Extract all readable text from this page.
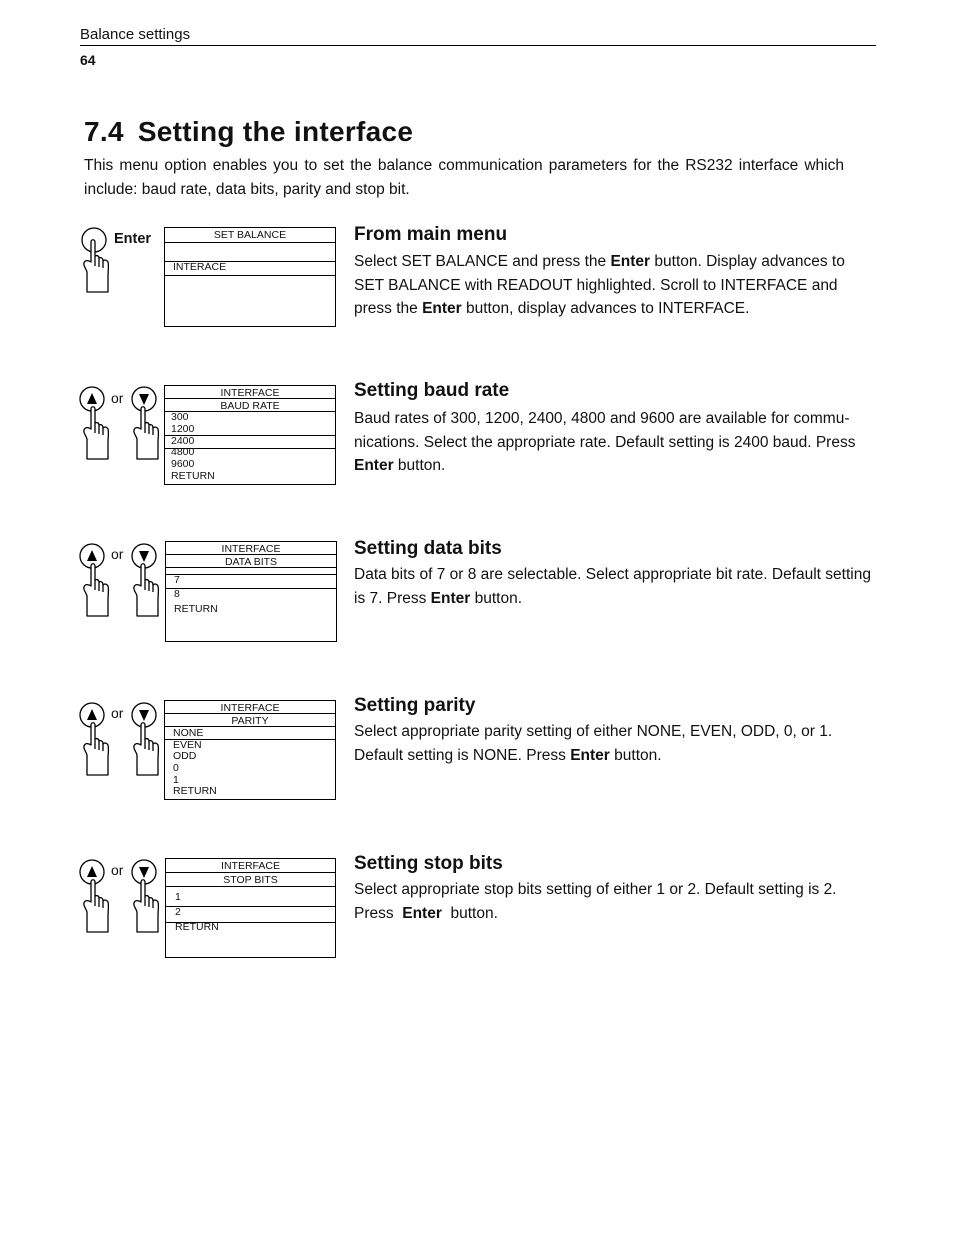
Balance settings
64
7.4 Setting the interface

This menu option enables you to set the balance communication parameters for the RS232 interface which include: baud rate, data bits, parity and stop bit.

Enter	SET BALANCE
INTERACE
From main menu

Select SET BALANCE and press the Enter button. Display advances to SET BALANCE with READOUT highlighted. Scroll to INTERFACE and press the Enter button, display advances to INTERFACE.

or	INTERFACE
BAUD RATE
300
1200
2400
4800
9600
RETURN
Setting baud rate

Baud rates of 300, 1200, 2400, 4800 and 9600 are available for commu-nications. Select the appropriate rate. Default setting is 2400 baud. Press Enter button.

or	INTERFACE
DATA BITS
7
8
RETURN
Setting data bits

Data bits of 7 or 8 are selectable. Select appropriate bit rate. Default setting is 7. Press Enter button.

or	INTERFACE
PARITY
NONE
EVEN
ODD
0
1
RETURN
Setting parity

Select appropriate parity setting of either NONE, EVEN, ODD, 0, or 1. Default setting is NONE. Press Enter button.

or	INTERFACE
STOP BITS
1
2
RETURN
Setting stop bits

Select appropriate stop bits setting of either 1 or 2. Default setting is 2. Press  Enter  button.
